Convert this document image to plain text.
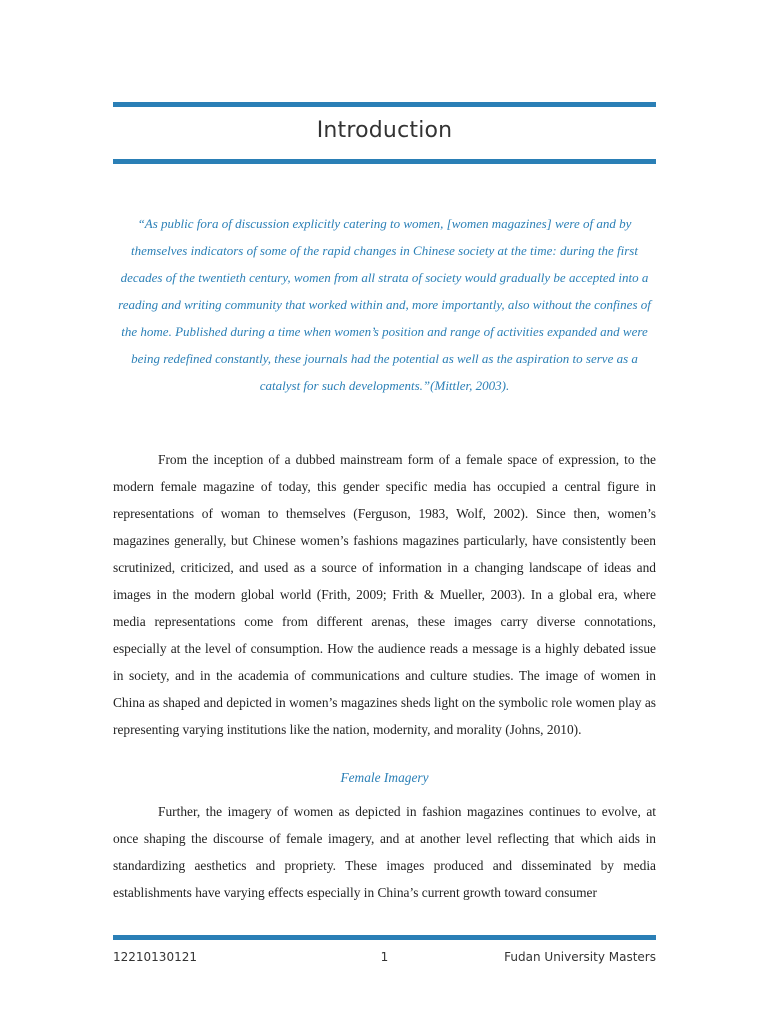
Introduction
“As public fora of discussion explicitly catering to women, [women magazines] were of and by themselves indicators of some of the rapid changes in Chinese society at the time: during the first decades of the twentieth century, women from all strata of society would gradually be accepted into a reading and writing community that worked within and, more importantly, also without the confines of the home. Published during a time when women’s position and range of activities expanded and were being redefined constantly, these journals had the potential as well as the aspiration to serve as a catalyst for such developments.”(Mittler, 2003).
From the inception of a dubbed mainstream form of a female space of expression, to the modern female magazine of today, this gender specific media has occupied a central figure in representations of woman to themselves (Ferguson, 1983, Wolf, 2002). Since then, women’s magazines generally, but Chinese women’s fashions magazines particularly, have consistently been scrutinized, criticized, and used as a source of information in a changing landscape of ideas and images in the modern global world (Frith, 2009; Frith & Mueller, 2003). In a global era, where media representations come from different arenas, these images carry diverse connotations, especially at the level of consumption. How the audience reads a message is a highly debated issue in society, and in the academia of communications and culture studies. The image of women in China as shaped and depicted in women’s magazines sheds light on the symbolic role women play as representing varying institutions like the nation, modernity, and morality (Johns, 2010).
Female Imagery
Further, the imagery of women as depicted in fashion magazines continues to evolve, at once shaping the discourse of female imagery, and at another level reflecting that which aids in standardizing aesthetics and propriety. These images produced and disseminated by media establishments have varying effects especially in China’s current growth toward consumer
12210130121	1	Fudan University Masters
